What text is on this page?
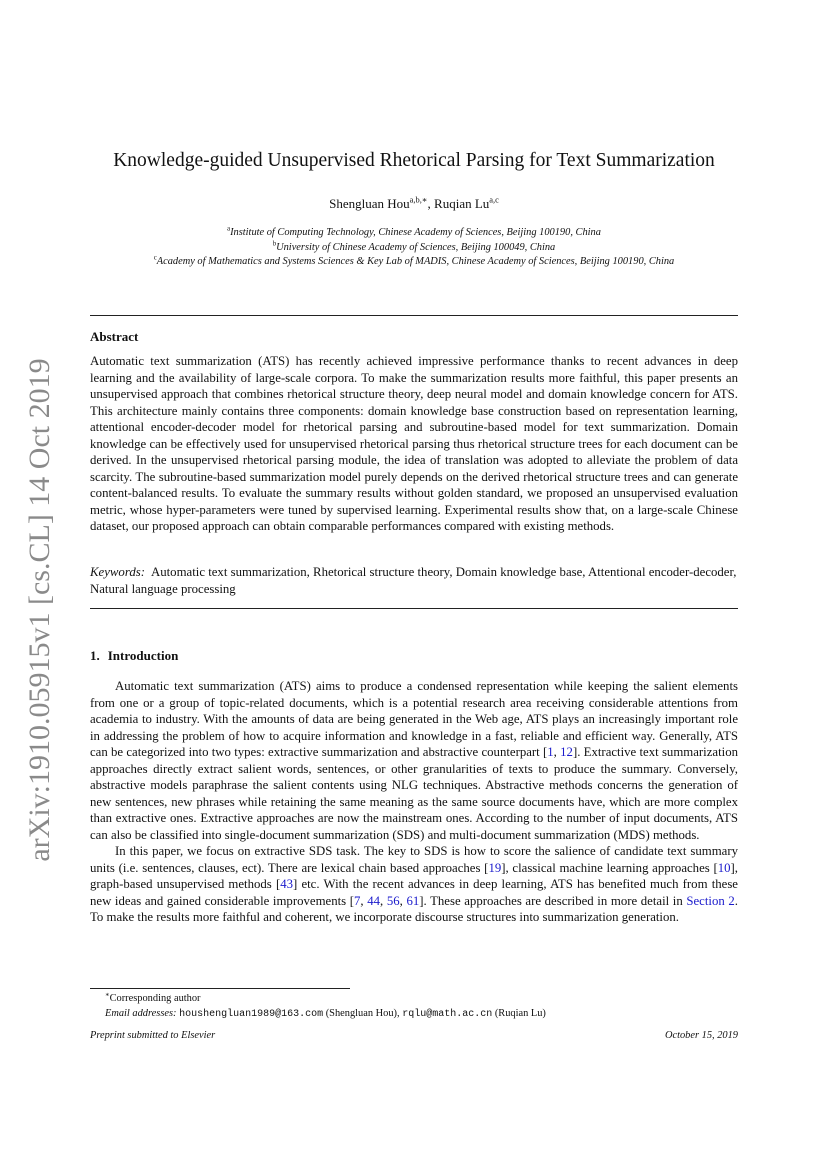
arXiv:1910.05915v1 [cs.CL] 14 Oct 2019
Knowledge-guided Unsupervised Rhetorical Parsing for Text Summarization
Shengluan Hou$^{a,b,∗}$, Ruqian Lu$^{a,c}$
$^a$Institute of Computing Technology, Chinese Academy of Sciences, Beijing 100190, China
$^b$University of Chinese Academy of Sciences, Beijing 100049, China
$^c$Academy of Mathematics and Systems Sciences & Key Lab of MADIS, Chinese Academy of Sciences, Beijing 100190, China
Abstract
Automatic text summarization (ATS) has recently achieved impressive performance thanks to recent advances in deep learning and the availability of large-scale corpora. To make the summarization results more faithful, this paper presents an unsupervised approach that combines rhetorical structure theory, deep neural model and domain knowledge concern for ATS. This architecture mainly contains three components: domain knowledge base construction based on representation learning, attentional encoder-decoder model for rhetorical parsing and subroutine-based model for text summarization. Domain knowledge can be effectively used for unsupervised rhetorical parsing thus rhetorical structure trees for each document can be derived. In the unsupervised rhetorical parsing module, the idea of translation was adopted to alleviate the problem of data scarcity. The subroutine-based summarization model purely depends on the derived rhetorical structure trees and can generate content-balanced results. To evaluate the summary results without golden standard, we proposed an unsupervised evaluation metric, whose hyper-parameters were tuned by supervised learning. Experimental results show that, on a large-scale Chinese dataset, our proposed approach can obtain comparable performances compared with existing methods.
Keywords: Automatic text summarization, Rhetorical structure theory, Domain knowledge base, Attentional encoder-decoder, Natural language processing
1. Introduction

Automatic text summarization (ATS) aims to produce a condensed representation while keeping the salient elements from one or a group of topic-related documents, which is a potential research area receiving considerable attentions from academia to industry. With the amounts of data are being generated in the Web age, ATS plays an increasingly important role in addressing the problem of how to acquire information and knowledge in a fast, reliable and efficient way. Generally, ATS can be categorized into two types: extractive summarization and abstractive counterpart [1, 12]. Extractive text summarization approaches directly extract salient words, sentences, or other granularities of texts to produce the summary. Conversely, abstractive models paraphrase the salient contents using NLG techniques. Abstractive methods concerns the generation of new sentences, new phrases while retaining the same meaning as the same source documents have, which are more complex than extractive ones. Extractive approaches are now the mainstream ones. According to the number of input documents, ATS can also be classified into single-document summarization (SDS) and multi-document summarization (MDS) methods.

In this paper, we focus on extractive SDS task. The key to SDS is how to score the salience of candidate text summary units (i.e. sentences, clauses, ect). There are lexical chain based approaches [19], classical machine learning approaches [10], graph-based unsupervised methods [43] etc. With the recent advances in deep learning, ATS has benefited much from these new ideas and gained considerable improvements [7, 44, 56, 61]. These approaches are described in more detail in Section 2. To make the results more faithful and coherent, we incorporate discourse structures into summarization generation.

∗Corresponding author
Email addresses: houshengluan1989@163.com (Shengluan Hou), rqlu@math.ac.cn (Ruqian Lu)
Preprint submitted to Elsevier	October 15, 2019
